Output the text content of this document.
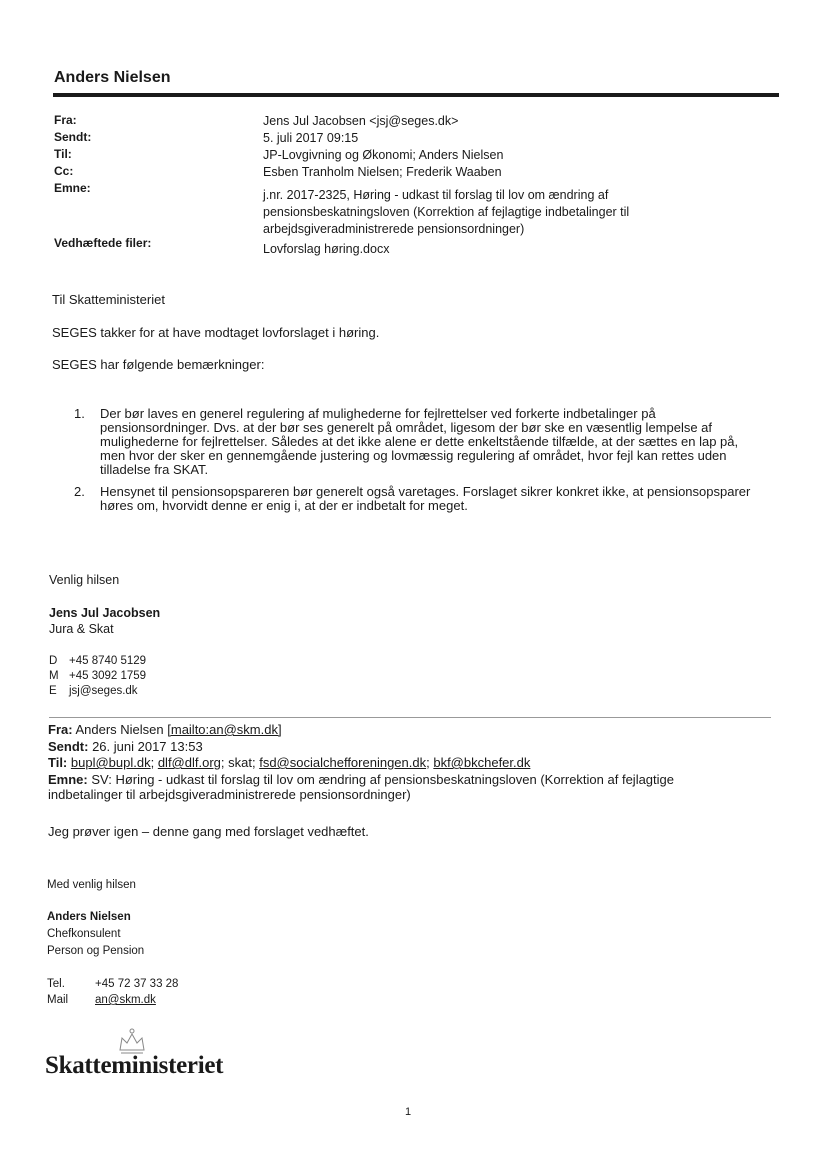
Anders Nielsen
Fra:
Sendt:
Til:
Cc:
Emne:
Vedhæftede filer:
Jens Jul Jacobsen <jsj@seges.dk>
5. juli 2017 09:15
JP-Lovgivning og Økonomi; Anders Nielsen
Esben Tranholm Nielsen; Frederik Waaben
j.nr. 2017-2325, Høring - udkast til forslag til lov om ændring af pensionsbeskatningsloven (Korrektion af fejlagtige indbetalinger til arbejdsgiveradministrerede pensionsordninger)
Lovforslag høring.docx
Til Skatteministeriet
SEGES takker for at have modtaget lovforslaget i høring.
SEGES har følgende bemærkninger:
1. Der bør laves en generel regulering af mulighederne for fejlrettelser ved forkerte indbetalinger på pensionsordninger. Dvs. at der bør ses generelt på området, ligesom der bør ske en væsentlig lempelse af mulighederne for fejlrettelser. Således at det ikke alene er dette enkeltstående tilfælde, at der sættes en lap på, men hvor der sker en gennemgående justering og lovmæssig regulering af området, hvor fejl kan rettes uden tilladelse fra SKAT.
2. Hensynet til pensionsopspareren bør generelt også varetages. Forslaget sikrer konkret ikke, at pensionsopsparer høres om, hvorvidt denne er enig i, at der er indbetalt for meget.
Venlig hilsen
Jens Jul Jacobsen
Jura & Skat
D +45 8740 5129
M +45 3092 1759
E jsj@seges.dk
Fra: Anders Nielsen [mailto:an@skm.dk]
Sendt: 26. juni 2017 13:53
Til: bupl@bupl.dk; dlf@dlf.org; skat; fsd@socialchefforeningen.dk; bkf@bkchefer.dk
Emne: SV: Høring - udkast til forslag til lov om ændring af pensionsbeskatningsloven (Korrektion af fejlagtige indbetalinger til arbejdsgiveradministrerede pensionsordninger)
Jeg prøver igen – denne gang med forslaget vedhæftet.
Med venlig hilsen
Anders Nielsen
Chefkonsulent
Person og Pension
Tel.	+45 72 37 33 28
Mail an@skm.dk
Skatteministeriet
1
